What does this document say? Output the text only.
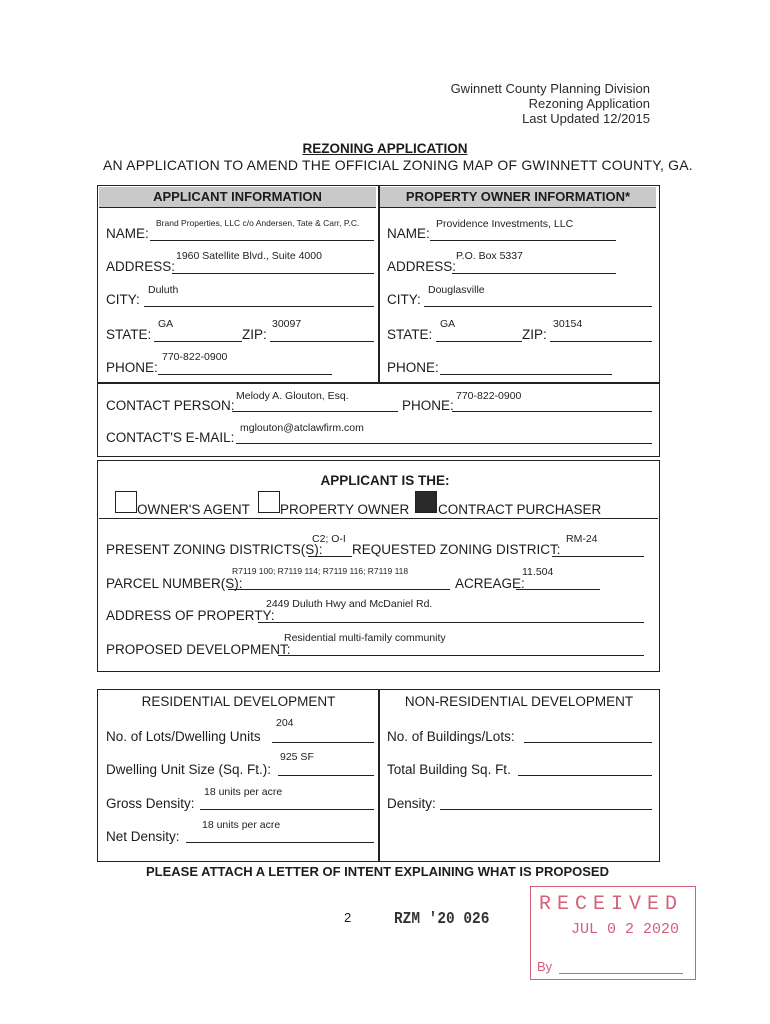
Gwinnett County Planning Division
Rezoning Application
Last Updated 12/2015
REZONING APPLICATION
AN APPLICATION TO AMEND THE OFFICIAL ZONING MAP OF GWINNETT COUNTY, GA.
APPLICANT INFORMATION	PROPERTY OWNER INFORMATION*
NAME:
Brand Properties, LLC c/o Andersen, Tate & Carr, P.C.
ADDRESS:
1960 Satellite Blvd., Suite 4000
CITY:
Duluth
STATE:
GA
ZIP:
30097
PHONE:
770-822-0900
NAME:
Providence Investments, LLC
ADDRESS:
P.O. Box 5337
CITY:
Douglasville
STATE:
GA
ZIP:
30154
PHONE:
CONTACT PERSON:
Melody A. Glouton, Esq.
PHONE:
770-822-0900
CONTACT'S E-MAIL:
mglouton@atclawfirm.com
APPLICANT IS THE:
OWNER'S AGENT PROPERTY OWNER CONTRACT PURCHASER
PRESENT ZONING DISTRICTS(S):
C2; O-I
REQUESTED ZONING DISTRICT:
RM-24
PARCEL NUMBER(S):
R7119 100; R7119 114; R7119 116; R7119 118
ACREAGE:
11.504
ADDRESS OF PROPERTY:
2449 Duluth Hwy and McDaniel Rd.
PROPOSED DEVELOPMENT:
Residential multi-family community
RESIDENTIAL DEVELOPMENT	NON-RESIDENTIAL DEVELOPMENT
No. of Lots/Dwelling Units
204
Dwelling Unit Size (Sq. Ft.):
925 SF
Gross Density:
18 units per acre
Net Density:
18 units per acre
No. of Buildings/Lots:
Total Building Sq. Ft.
Density:
PLEASE ATTACH A LETTER OF INTENT EXPLAINING WHAT IS PROPOSED
2	RZM '20 026
RECEIVED
JUL 0 2 2020
By
